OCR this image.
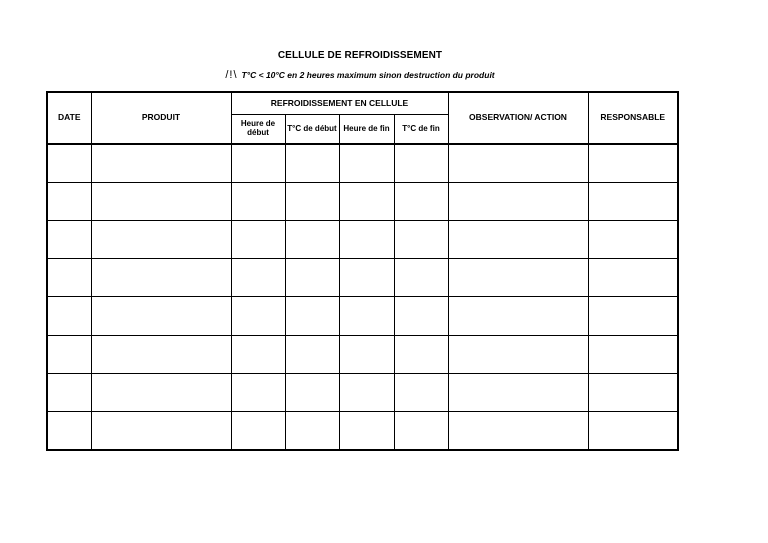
CELLULE DE REFROIDISSEMENT
/!\ T°C < 10°C en 2 heures maximum sinon destruction du produit
DATE	PRODUIT	REFROIDISSEMENT EN CELLULE				OBSERVATION/ ACTION	RESPONSABLE
		Heure de début	T°C de début	Heure de fin	T°C de fin		
